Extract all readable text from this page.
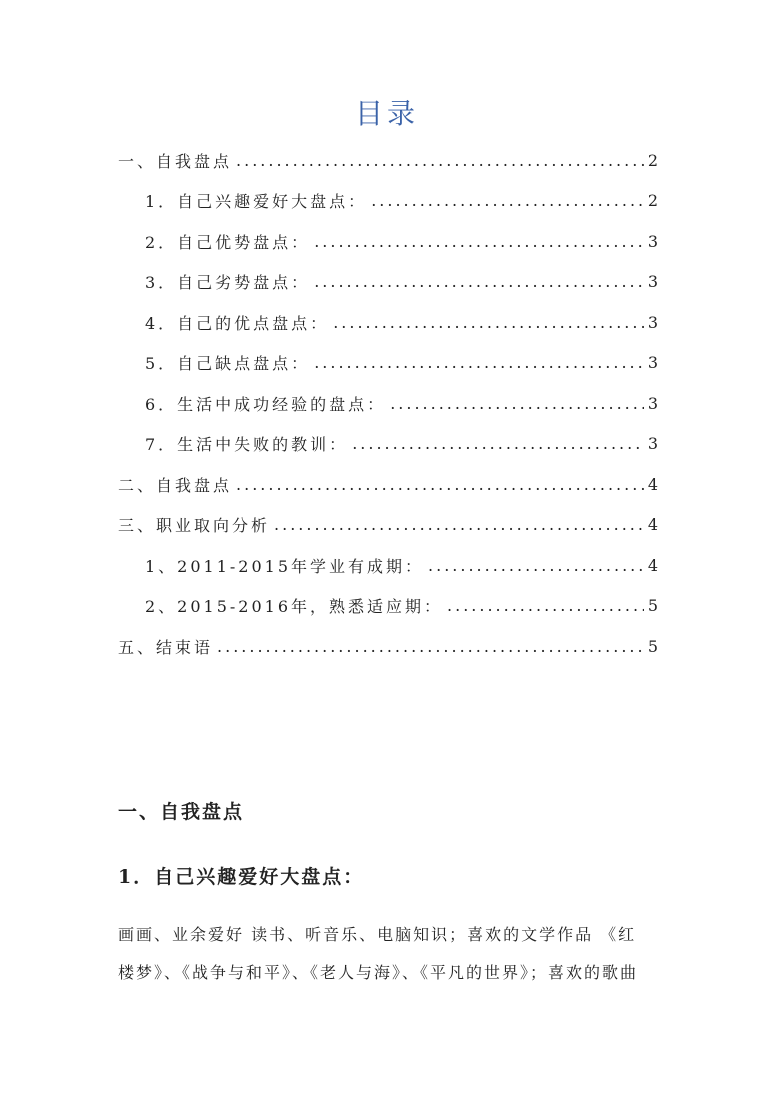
目录
一、自我盘点 .....	2
1．自己兴趣爱好大盘点： .....	2
2．自己优势盘点： .....	3
3．自己劣势盘点： .....	3
4．自己的优点盘点： .....	3
5．自己缺点盘点： .....	3
6．生活中成功经验的盘点： .....	3
7．生活中失败的教训： .....	3
二、自我盘点 .....	4
三、职业取向分析 .....	4
1、2011-2015年学业有成期： .....	4
2、2015-2016年，熟悉适应期： .....	5
五、结束语 .....	5
一、自我盘点
1．自己兴趣爱好大盘点：
画画、业余爱好 读书、听音乐、电脑知识；喜欢的文学作品 《红
楼梦》、《战争与和平》、《老人与海》、《平凡的世界》；喜欢的歌曲
